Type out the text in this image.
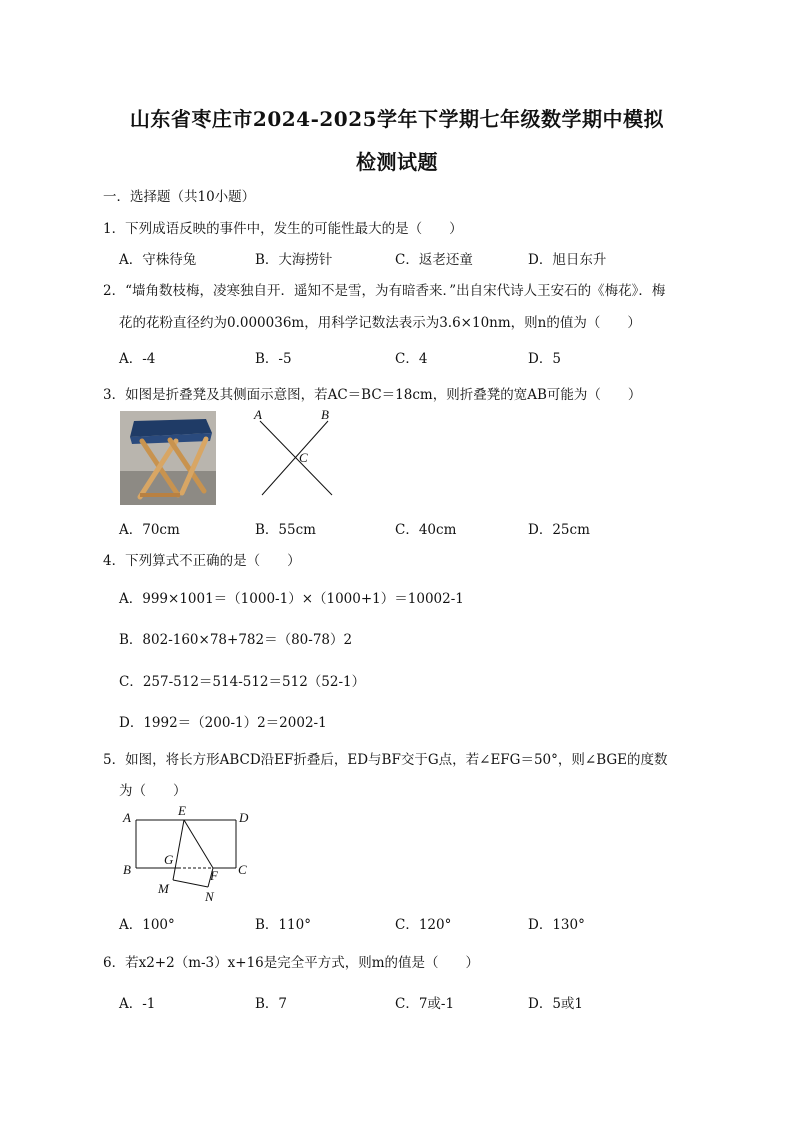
山东省枣庄市2024-2025学年下学期七年级数学期中模拟
检测试题
一．选择题（共10小题）
1．下列成语反映的事件中，发生的可能性最大的是（　　）
A．守株待兔	B．大海捞针	C．返老还童	D．旭日东升
2．“墙角数枝梅，凌寒独自开．遥知不是雪，为有暗香来．”出自宋代诗人王安石的《梅花》．梅
花的花粉直径约为0.000036m，用科学记数法表示为3.6×10nm，则n的值为（　　）
A．-4	B．-5	C．4	D．5
3．如图是折叠凳及其侧面示意图，若AC＝BC＝18cm，则折叠凳的宽AB可能为（　　）
A	B
C
A．70cm	B．55cm	C．40cm	D．25cm
4．下列算式不正确的是（　　）
A．999×1001＝（1000-1）×（1000+1）＝10002-1
B．802-160×78+782＝（80-78）2
C．257-512＝514-512＝512（52-1）
D．1992＝（200-1）2＝2002-1
5．如图，将长方形ABCD沿EF折叠后，ED与BF交于G点，若∠EFG＝50°，则∠BGE的度数
为（　　）
A	E	D
B
G
F C
M
N
A．100°	B．110°	C．120°	D．130°
6．若x2+2（m-3）x+16是完全平方式，则m的值是（　　）
A．-1	B．7	C．7或-1	D．5或1
